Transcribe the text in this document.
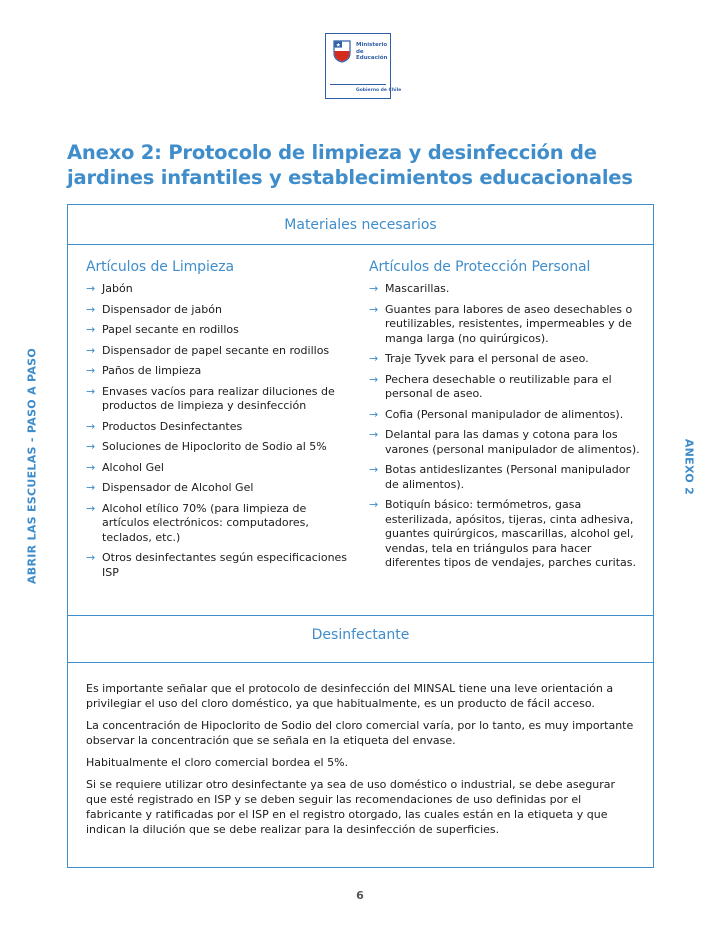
Ministerio de
Educación
Gobierno de Chile
Anexo 2: Protocolo de limpieza y desinfección de jardines infantiles y establecimientos educacionales
ABRIR LAS ESCUELAS - PASO A PASO	ANEXO 2
Materiales necesarios
Artículos de Limpieza
→ Jabón
→ Dispensador de jabón
→ Papel secante en rodillos
→ Dispensador de papel secante en rodillos
→ Paños de limpieza
→ Envases vacíos para realizar diluciones de productos de limpieza y desinfección
→ Productos Desinfectantes
→ Soluciones de Hipoclorito de Sodio al 5%
→ Alcohol Gel
→ Dispensador de Alcohol Gel
→ Alcohol etílico 70% (para limpieza de artículos electrónicos: computadores, teclados, etc.)
→ Otros desinfectantes según especificaciones ISP
Artículos de Protección Personal
→ Mascarillas.
→ Guantes para labores de aseo desechables o reutilizables, resistentes, impermeables y de manga larga (no quirúrgicos).
→ Traje Tyvek para el personal de aseo.
→ Pechera desechable o reutilizable para el personal de aseo.
→ Cofia (Personal manipulador de alimentos).
→ Delantal para las damas y cotona para los varones (personal manipulador de alimentos).
→ Botas antideslizantes (Personal manipulador de alimentos).
→ Botiquín básico: termómetros, gasa esterilizada, apósitos, tijeras, cinta adhesiva, guantes quirúrgicos, mascarillas, alcohol gel, vendas, tela en triángulos para hacer diferentes tipos de vendajes, parches curitas.
Desinfectante

Es importante señalar que el protocolo de desinfección del MINSAL tiene una leve orientación a privilegiar el uso del cloro doméstico, ya que habitualmente, es un producto de fácil acceso.

La concentración de Hipoclorito de Sodio del cloro comercial varía, por lo tanto, es muy importante observar la concentración que se señala en la etiqueta del envase.

Habitualmente el cloro comercial bordea el 5%.

Si se requiere utilizar otro desinfectante ya sea de uso doméstico o industrial, se debe asegurar que esté registrado en ISP y se deben seguir las recomendaciones de uso definidas por el fabricante y ratificadas por el ISP en el registro otorgado, las cuales están en la etiqueta y que indican la dilución que se debe realizar para la desinfección de superficies.

6
